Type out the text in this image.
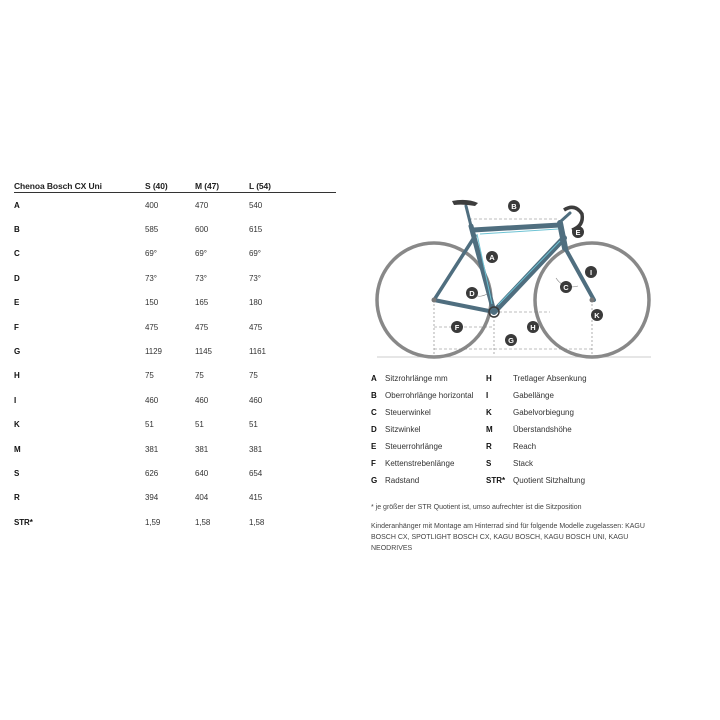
Chenoa Bosch CX Uni	S (40)	M (47)	L (54)
A	400	470	540
B	585	600	615
C	69°	69°	69°
D	73°	73°	73°
E	150	165	180
F	475	475	475
G	1129	1145	1161
H	75	75	75
I	460	460	460
K	51	51	51
M	381	381	381
S	626	640	654
R	394	404	415
STR*	1,59	1,58	1,58
A
B
C
D
E
F
G
H
I
K
A Sitzrohrlänge mm
B Oberrohrlänge horizontal
C Steuerwinkel
D Sitzwinkel
E Steuerrohrlänge
F Kettenstrebenlänge
G Radstand
H	Tretlager Absenkung
I	Gabellänge
K	Gabelvorbiegung
M	Überstandshöhe
R	Reach
S	Stack
STR* Quotient Sitzhaltung
* je größer der STR Quotient ist, umso aufrechter ist die Sitzposition
Kinderanhänger mit Montage am Hinterrad sind für folgende Modelle zugelassen: KAGU BOSCH CX, SPOTLIGHT BOSCH CX, KAGU BOSCH, KAGU BOSCH UNI, KAGU NEODRIVES
